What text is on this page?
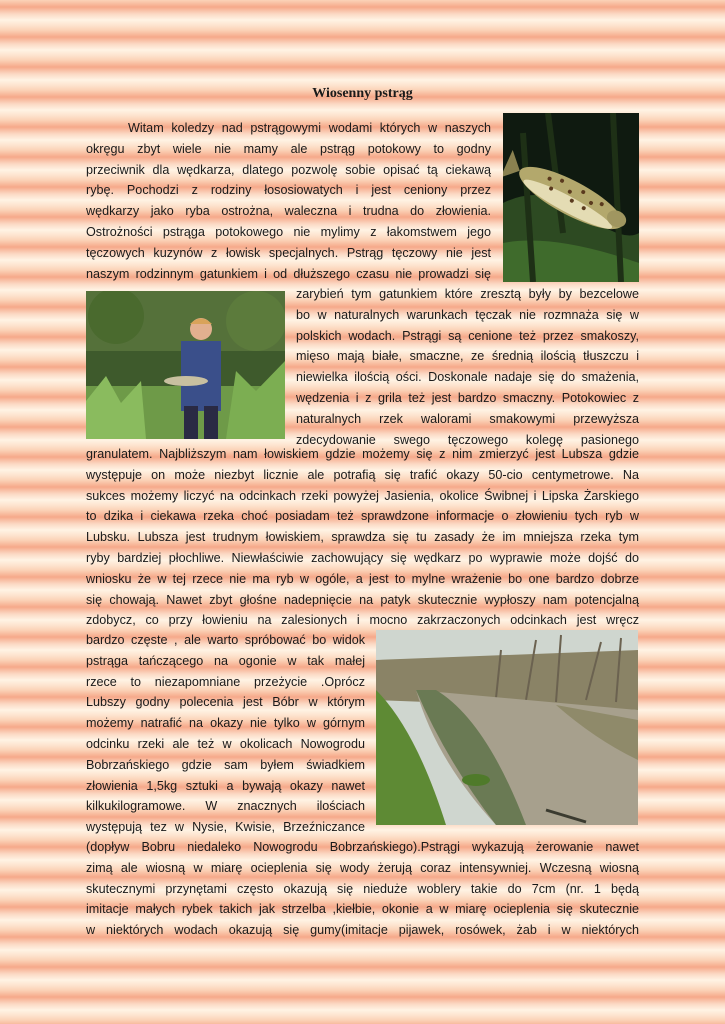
Wiosenny pstrąg
Witam koledzy nad pstrągowymi wodami których w naszych
okręgu zbyt wiele nie mamy ale pstrąg potokowy to godny
przeciwnik dla wędkarza, dlatego pozwolę sobie opisać tą ciekawą
rybę. Pochodzi z rodziny łososiowatych i jest ceniony przez
wędkarzy jako ryba ostrożna, waleczna i trudna do złowienia.
Ostrożności pstrąga potokowego nie mylimy z łakomstwem jego
tęczowych kuzynów z łowisk specjalnych. Pstrąg tęczowy nie jest
naszym rodzinnym gatunkiem i od dłuższego czasu nie prowadzi się
zarybień tym gatunkiem które zresztą były by bezcelowe
bo w naturalnych warunkach tęczak nie rozmnaża się w
polskich wodach. Pstrągi są cenione też przez smakoszy,
mięso mają białe, smaczne, ze średnią ilością tłuszczu i
niewielka ilością ości. Doskonale nadaje się do smażenia,
wędzenia i z grila też jest bardzo smaczny. Potokowiec z
naturalnych rzek walorami smakowymi przewyższa
zdecydowanie swego tęczowego kolegę pasionego
granulatem. Najbliższym nam łowiskiem gdzie możemy się z nim zmierzyć jest Lubsza gdzie
występuje on może niezbyt licznie ale potrafią się trafić okazy 50-cio centymetrowe. Na
sukces możemy liczyć na odcinkach rzeki powyżej Jasienia, okolice Świbnej i Lipska Żarskiego
to dzika i ciekawa rzeka choć posiadam też sprawdzone informacje o złowieniu tych ryb w
Lubsku. Lubsza jest trudnym łowiskiem, sprawdza się tu zasady że im mniejsza rzeka tym
ryby bardziej płochliwe. Niewłaściwie zachowujący się wędkarz po wyprawie może dojść do
wniosku że w tej rzece nie ma ryb w ogóle, a jest to mylne wrażenie bo one bardzo dobrze
się chowają. Nawet zbyt głośne nadepnięcie na patyk skutecznie wypłoszy nam potencjalną
zdobycz, co przy łowieniu na zalesionych i mocno zakrzaczonych odcinkach jest wręcz
bardzo częste , ale warto spróbować bo widok
pstrąga tańczącego na ogonie w tak małej
rzece to niezapomniane przeżycie .Oprócz
Lubszy godny polecenia jest Bóbr w którym
możemy natrafić na okazy nie tylko w górnym
odcinku rzeki ale też w okolicach Nowogrodu
Bobrzańskiego gdzie sam byłem świadkiem
złowienia 1,5kg sztuki a bywają okazy nawet
kilkukilogramowe. W znacznych ilościach
występują tez w Nysie, Kwisie, Brzeźniczance
(dopływ Bobru niedaleko Nowogrodu Bobrzańskiego).Pstrągi wykazują żerowanie nawet
zimą ale wiosną w miarę ocieplenia się wody żerują coraz intensywniej. Wczesną wiosną
skutecznymi przynętami często okazują się nieduże woblery takie do 7cm (nr. 1 będą
imitacje małych rybek takich jak strzelba ,kiełbie, okonie a w miarę ocieplenia się skutecznie
w niektórych wodach okazują się gumy(imitacje pijawek, rosówek, żab i w niektórych
